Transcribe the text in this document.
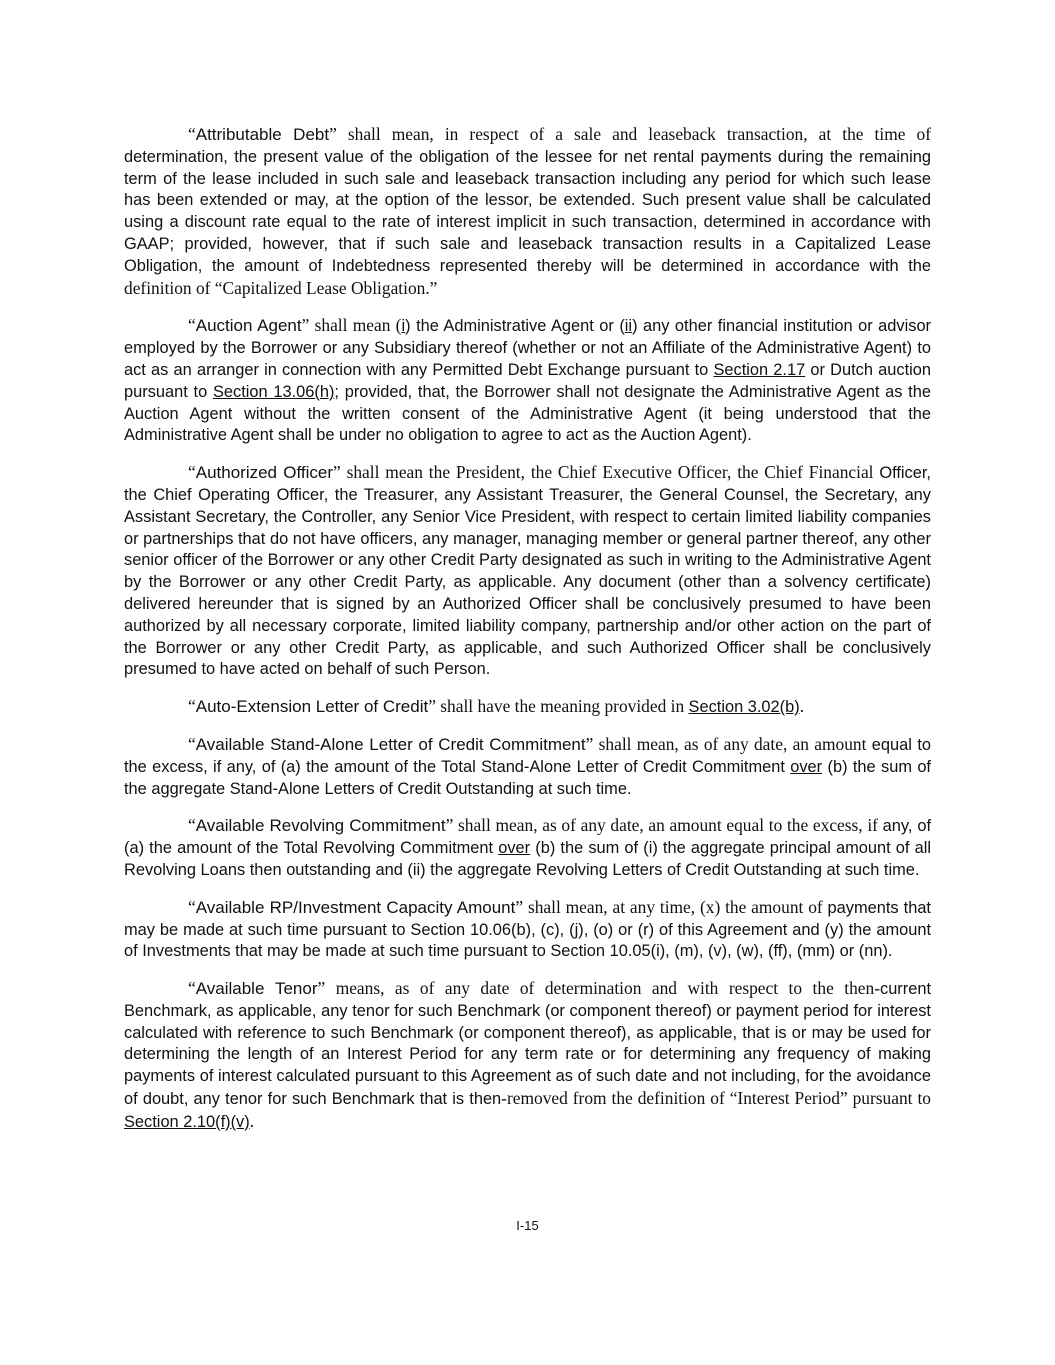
“Attributable Debt” shall mean, in respect of a sale and leaseback transaction, at the time of determination, the present value of the obligation of the lessee for net rental payments during the remaining term of the lease included in such sale and leaseback transaction including any period for which such lease has been extended or may, at the option of the lessor, be extended. Such present value shall be calculated using a discount rate equal to the rate of interest implicit in such transaction, determined in accordance with GAAP; provided, however, that if such sale and leaseback transaction results in a Capitalized Lease Obligation, the amount of Indebtedness represented thereby will be determined in accordance with the definition of “Capitalized Lease Obligation.”

“Auction Agent” shall mean (i) the Administrative Agent or (ii) any other financial institution or advisor employed by the Borrower or any Subsidiary thereof (whether or not an Affiliate of the Administrative Agent) to act as an arranger in connection with any Permitted Debt Exchange pursuant to Section 2.17 or Dutch auction pursuant to Section 13.06(h); provided, that, the Borrower shall not designate the Administrative Agent as the Auction Agent without the written consent of the Administrative Agent (it being understood that the Administrative Agent shall be under no obligation to agree to act as the Auction Agent).

“Authorized Officer” shall mean the President, the Chief Executive Officer, the Chief Financial Officer, the Chief Operating Officer, the Treasurer, any Assistant Treasurer, the General Counsel, the Secretary, any Assistant Secretary, the Controller, any Senior Vice President, with respect to certain limited liability companies or partnerships that do not have officers, any manager, managing member or general partner thereof, any other senior officer of the Borrower or any other Credit Party designated as such in writing to the Administrative Agent by the Borrower or any other Credit Party, as applicable. Any document (other than a solvency certificate) delivered hereunder that is signed by an Authorized Officer shall be conclusively presumed to have been authorized by all necessary corporate, limited liability company, partnership and/or other action on the part of the Borrower or any other Credit Party, as applicable, and such Authorized Officer shall be conclusively presumed to have acted on behalf of such Person.

“Auto-Extension Letter of Credit” shall have the meaning provided in Section 3.02(b).

“Available Stand-Alone Letter of Credit Commitment” shall mean, as of any date, an amount equal to the excess, if any, of (a) the amount of the Total Stand-Alone Letter of Credit Commitment over (b) the sum of the aggregate Stand-Alone Letters of Credit Outstanding at such time.

“Available Revolving Commitment” shall mean, as of any date, an amount equal to the excess, if any, of (a) the amount of the Total Revolving Commitment over (b) the sum of (i) the aggregate principal amount of all Revolving Loans then outstanding and (ii) the aggregate Revolving Letters of Credit Outstanding at such time.

“Available RP/Investment Capacity Amount” shall mean, at any time, (x) the amount of payments that may be made at such time pursuant to Section 10.06(b), (c), (j), (o) or (r) of this Agreement and (y) the amount of Investments that may be made at such time pursuant to Section 10.05(i), (m), (v), (w), (ff), (mm) or (nn).

“Available Tenor” means, as of any date of determination and with respect to the then-current Benchmark, as applicable, any tenor for such Benchmark (or component thereof) or payment period for interest calculated with reference to such Benchmark (or component thereof), as applicable, that is or may be used for determining the length of an Interest Period for any term rate or for determining any frequency of making payments of interest calculated pursuant to this Agreement as of such date and not including, for the avoidance of doubt, any tenor for such Benchmark that is then-removed from the definition of “Interest Period” pursuant to Section 2.10(f)(v).

I-15
